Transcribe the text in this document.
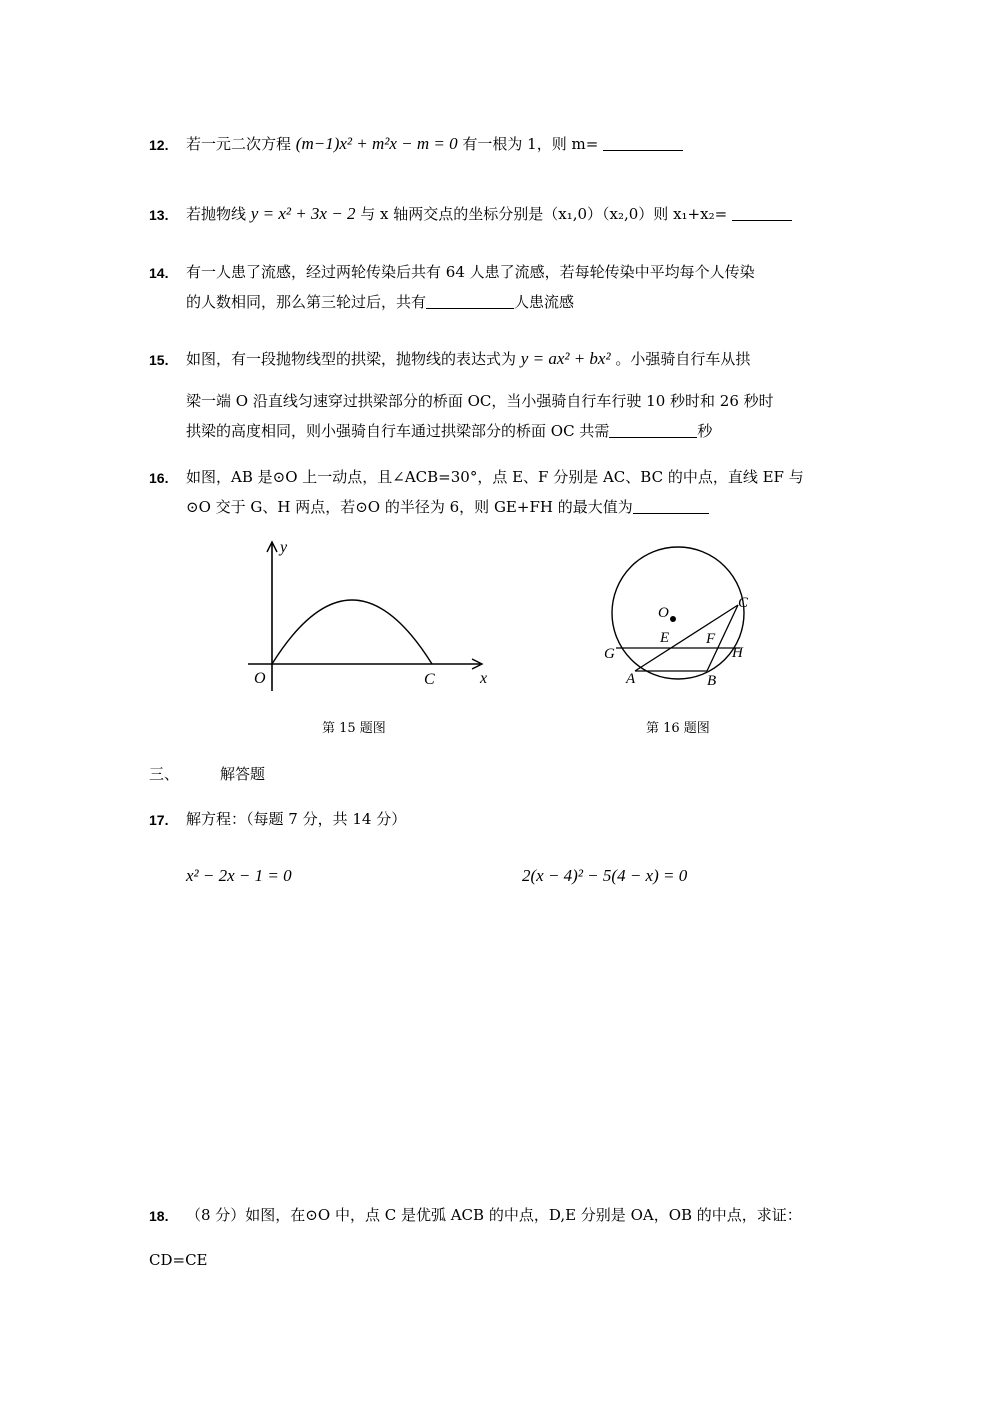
12. 若一元二次方程 (m−1)x² + m²x − m = 0 有一根为 1，则 m=
13. 若抛物线 y = x² + 3x − 2 与 x 轴两交点的坐标分别是（x₁,0）（x₂,0）则 x₁+x₂=
14. 有一人患了流感，经过两轮传染后共有 64 人患了流感，若每轮传染中平均每个人传染
的人数相同，那么第三轮过后，共有	人患流感
15. 如图，有一段抛物线型的拱梁，抛物线的表达式为 y = ax² + bx² 。小强骑自行车从拱
梁一端 O 沿直线匀速穿过拱梁部分的桥面 OC，当小强骑自行车行驶 10 秒时和 26 秒时
拱梁的高度相同，则小强骑自行车通过拱梁部分的桥面 OC 共需	秒
16. 如图，AB 是⊙O 上一动点，且∠ACB=30°，点 E、F 分别是 AC、BC 的中点，直线 EF 与
⊙O 交于 G、H 两点，若⊙O 的半径为 6，则 GE+FH 的最大值为
y
x
O	C
第 15 题图
O
C
E F
G	H
A	B
第 16 题图
三、	解答题
17. 解方程：（每题 7 分，共 14 分）
x² − 2x − 1 = 0	2(x − 4)² − 5(4 − x) = 0
18. （8 分）如图，在⊙O 中，点 C 是优弧 ACB 的中点，D,E 分别是 OA，OB 的中点，求证：
CD=CE
